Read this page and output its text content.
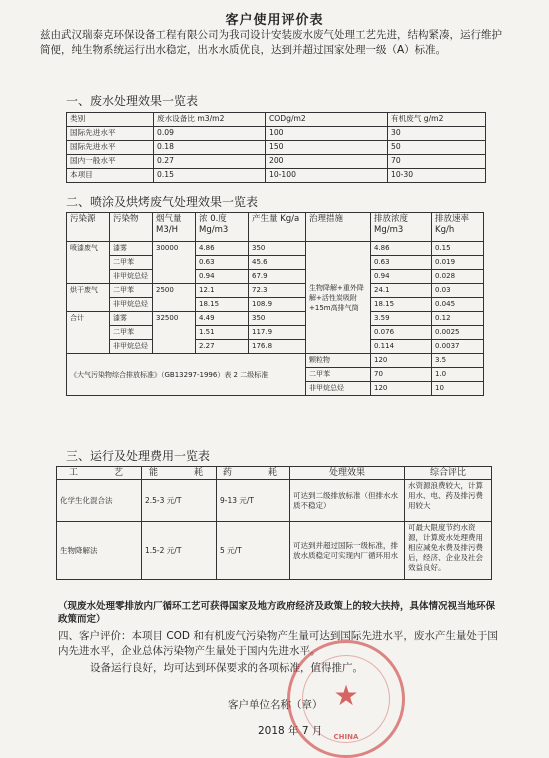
客户使用评价表
兹由武汉瑞泰克环保设备工程有限公司为我司设计安装废水废气处理工艺先进，结构紧凑，运行维护简便，纯生物系统运行出水稳定，出水水质优良，达到并超过国家处理一级（A）标准。
一、废水处理效果一览表
类别	废水设备比 m3/m2	CODg/m2	有机废气 g/m2
国际先进水平	0.09	100	30
国际先进水平	0.18	150	50
国内一般水平	0.27	200	70
本项目	0.15	10-100	10-30
二、喷涂及烘烤废气处理效果一览表
污染源	污染物	烟气量 M3/H	浓 0.度 Mg/m3	产生量 Kg/a	治理措施	排放浓度 Mg/m3	排放速率 Kg/h
喷漆废气	漆雾	30000	4.86	350	生物降解+重外降解+活性炭吸附+15m高排气筒	4.86	0.15
	二甲苯		0.63	45.6		0.63	0.019
	非甲烷总烃		0.94	67.9		0.94	0.028
烘干废气	二甲苯	2500	12.1	72.3		24.1	0.03
	非甲烷总烃		18.15	108.9		18.15	0.045
合计	漆雾	32500	4.49	350		3.59	0.12
	二甲苯		1.51	117.9		0.076	0.0025
	非甲烷总烃		2.27	176.8		0.114	0.0037
《大气污染物综合排放标准》（GB13297-1996）表 2 二级标准					颗粒物	120	3.5
					二甲苯	70	1.0
					非甲烷总烃	120	10
三、运行及处理费用一览表
工　　艺	能　　耗	药　　耗	处理效果	综合评比
化学生化混合法	2.5-3 元/T	9-13 元/T	可达到二级排放标准（但排水水质不稳定）	水资源浪费较大，计算用水、电、药及排污费用较大
生物降解法	1.5-2 元/T	5 元/T	可达到并超过国际一级标准，排放水质稳定可实现内厂循环用水	可最大限度节约水资源，计算废水处理费用相应减免水费及排污费后，经济、企业及社会效益良好。
（现废水处理零排放内厂循环工艺可获得国家及地方政府经济及政策上的较大扶持，具体情况视当地环保政策而定）
四、客户评价：本项目 COD 和有机废气污染物产生量可达到国际先进水平，废水产生量处于国内先进水平，企业总体污染物产生量处于国内先进水平。
设备运行良好，均可达到环保要求的各项标准，值得推广。
客户单位名称（章）
2018 年 7 月
★
CHINA
